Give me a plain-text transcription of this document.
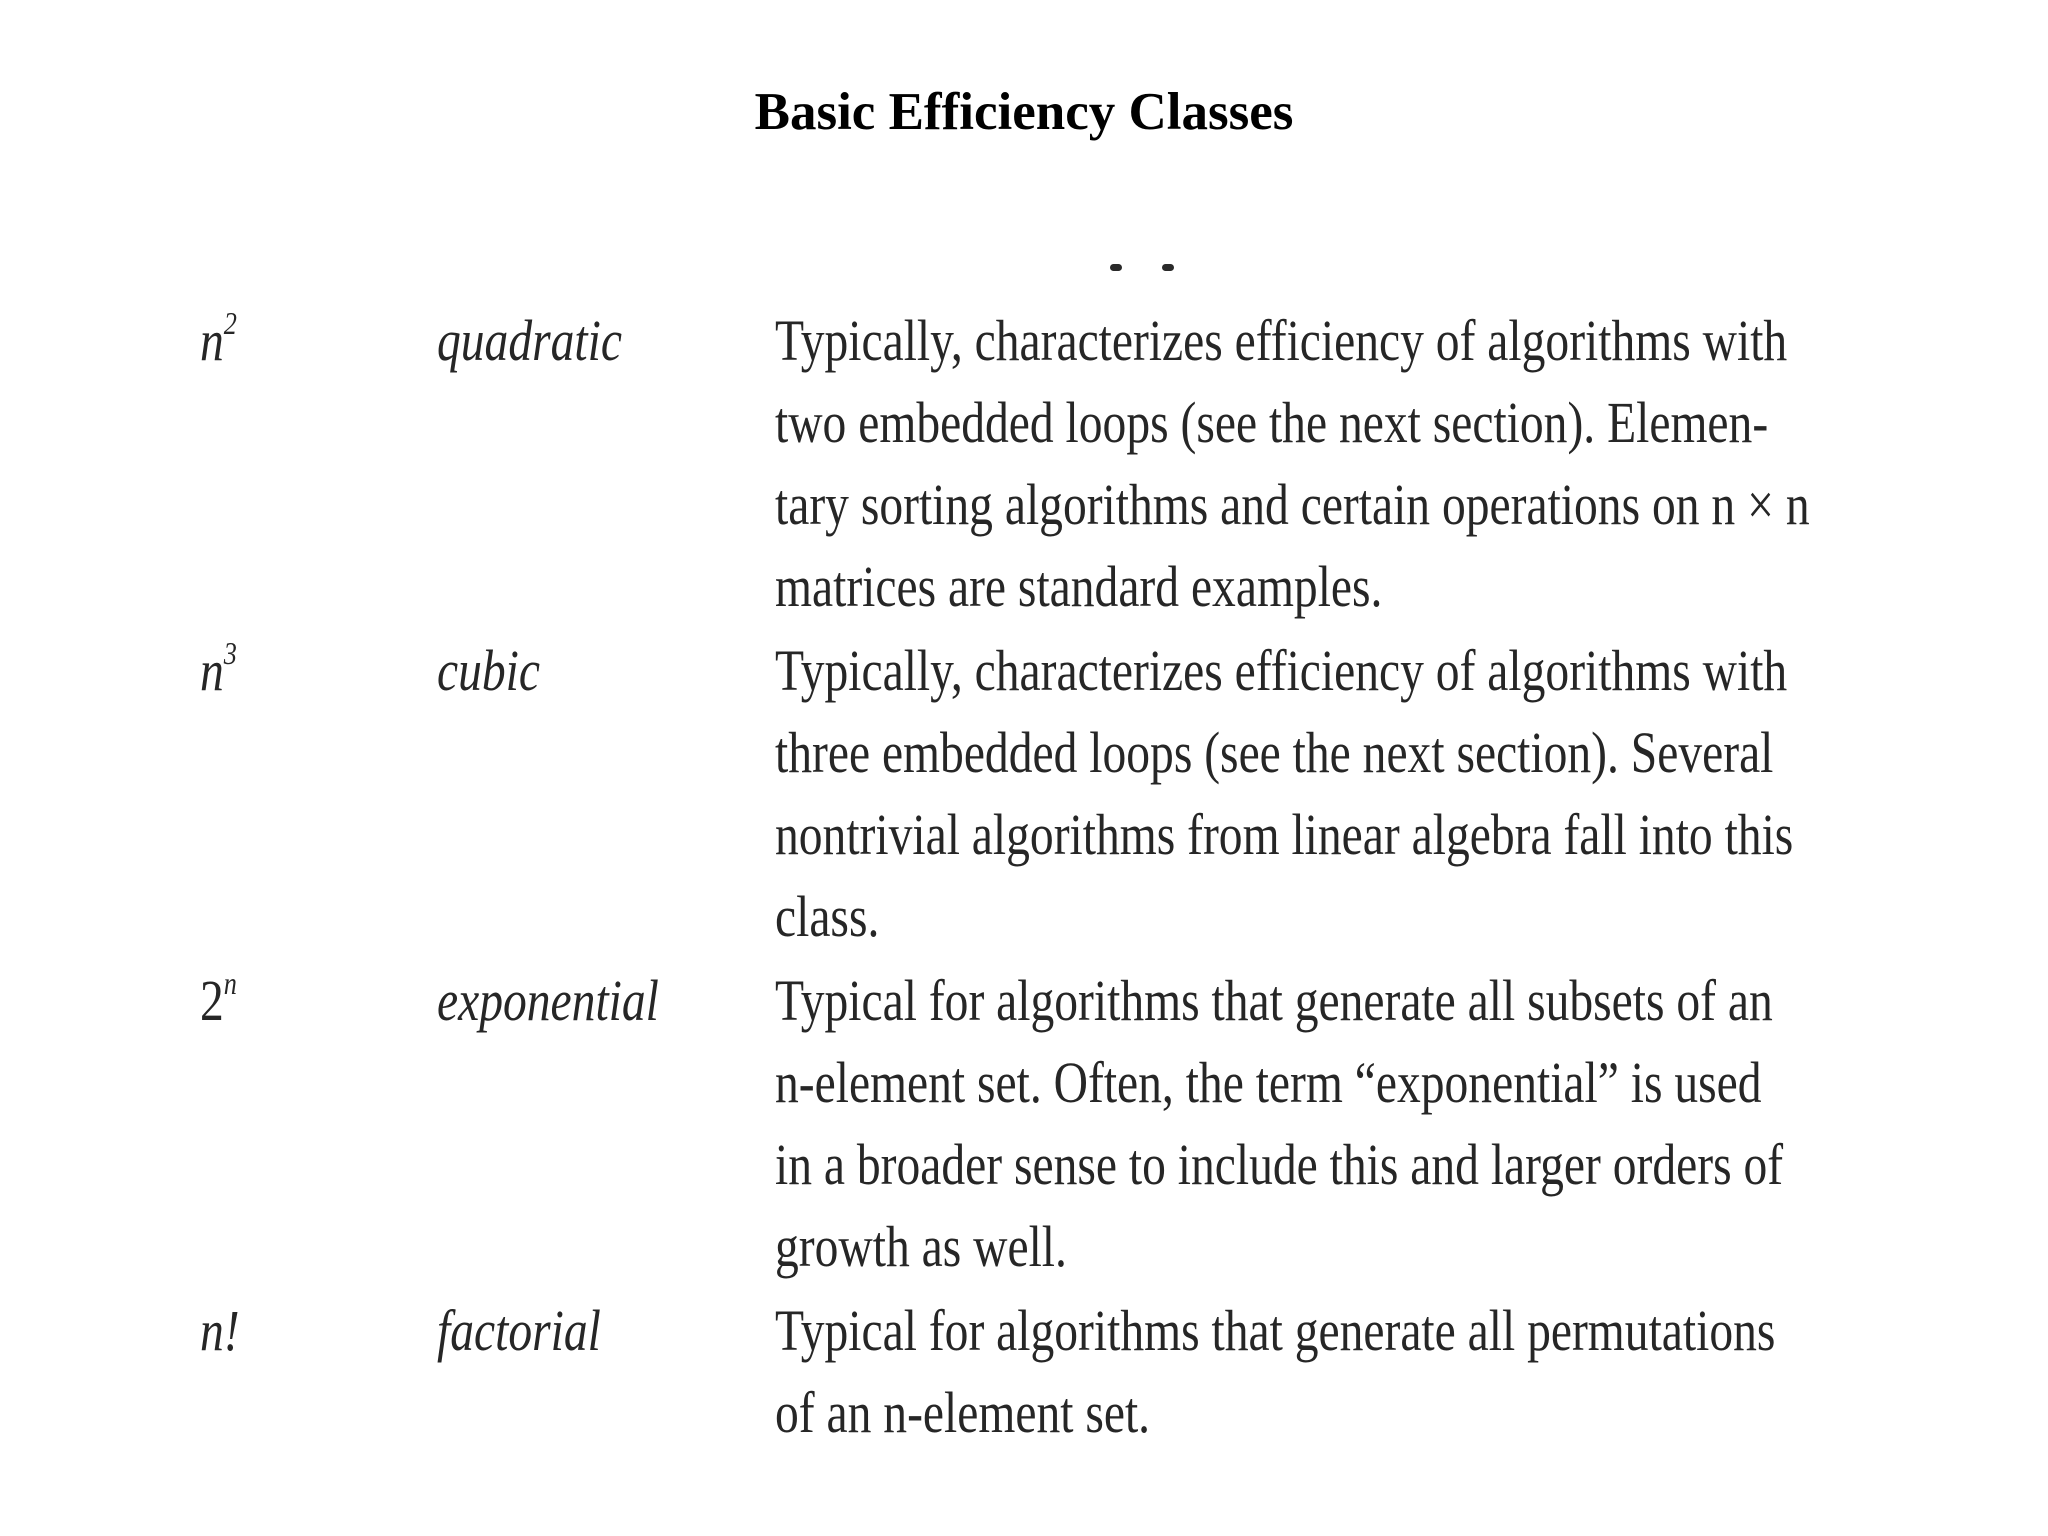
Basic Efficiency Classes
$n^2$	quadratic	Typically, characterizes efficiency of algorithms with
two embedded loops (see the next section). Elemen-
tary sorting algorithms and certain operations on n × n
matrices are standard examples.
$n^3$	cubic	Typically, characterizes efficiency of algorithms with
three embedded loops (see the next section). Several
nontrivial algorithms from linear algebra fall into this
class.
2$^n$	exponential	Typical for algorithms that generate all subsets of an
n-element set. Often, the term “exponential” is used
in a broader sense to include this and larger orders of
growth as well.
n!	factorial	Typical for algorithms that generate all permutations
of an n-element set.
